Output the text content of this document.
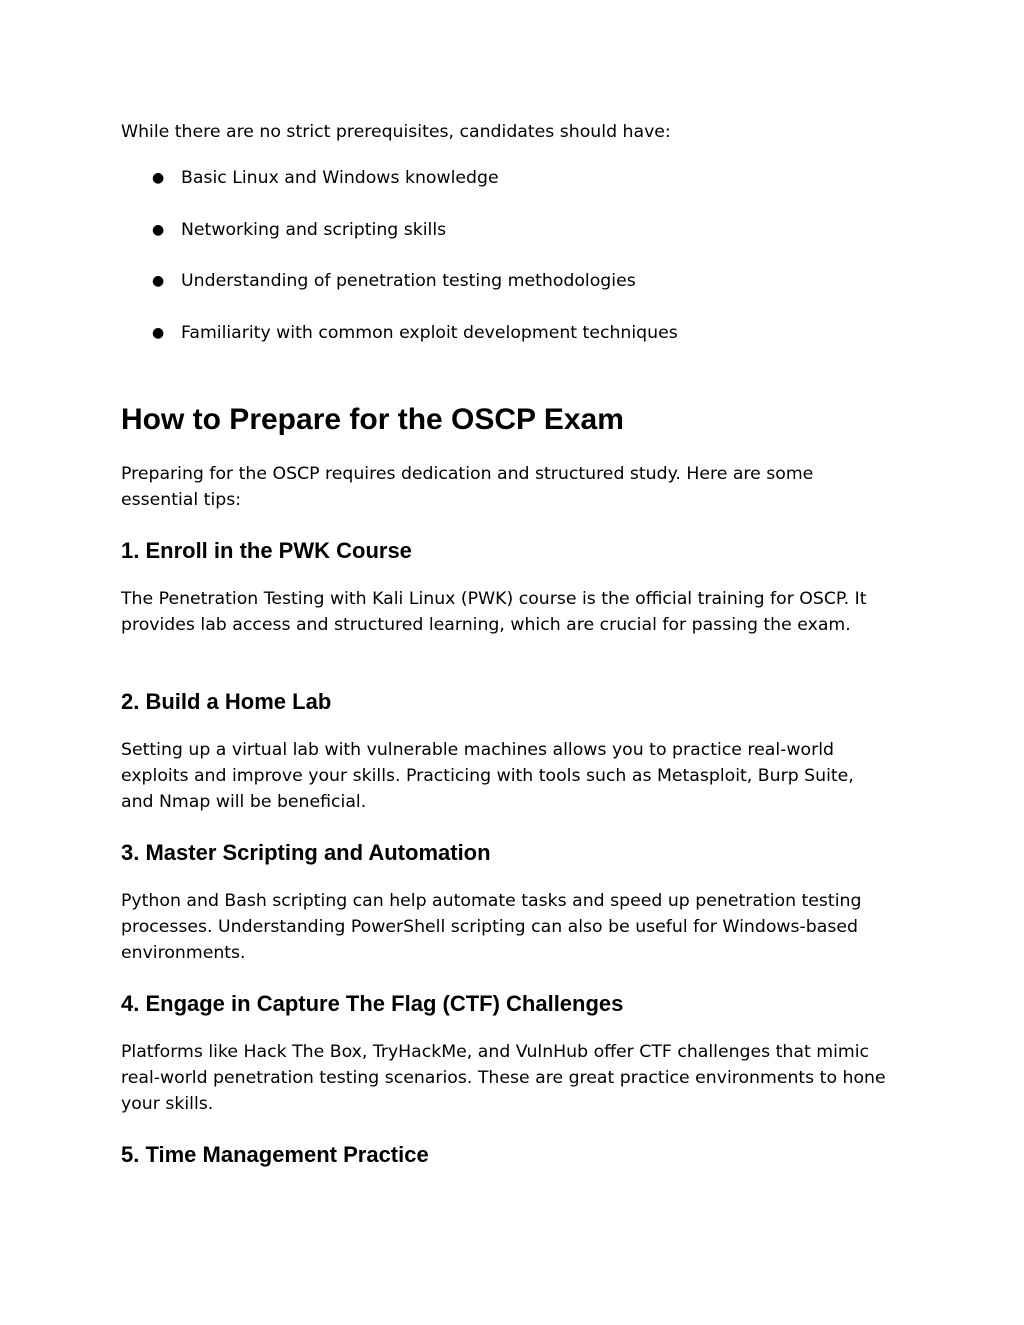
While there are no strict prerequisites, candidates should have:

● Basic Linux and Windows knowledge
● Networking and scripting skills
● Understanding of penetration testing methodologies
● Familiarity with common exploit development techniques
How to Prepare for the OSCP Exam

Preparing for the OSCP requires dedication and structured study. Here are some essential tips:

1. Enroll in the PWK Course

The Penetration Testing with Kali Linux (PWK) course is the official training for OSCP. It provides lab access and structured learning, which are crucial for passing the exam.

2. Build a Home Lab

Setting up a virtual lab with vulnerable machines allows you to practice real-world exploits and improve your skills. Practicing with tools such as Metasploit, Burp Suite, and Nmap will be beneficial.

3. Master Scripting and Automation

Python and Bash scripting can help automate tasks and speed up penetration testing processes. Understanding PowerShell scripting can also be useful for Windows-based environments.

4. Engage in Capture The Flag (CTF) Challenges

Platforms like Hack The Box, TryHackMe, and VulnHub offer CTF challenges that mimic real-world penetration testing scenarios. These are great practice environments to hone your skills.

5. Time Management Practice
